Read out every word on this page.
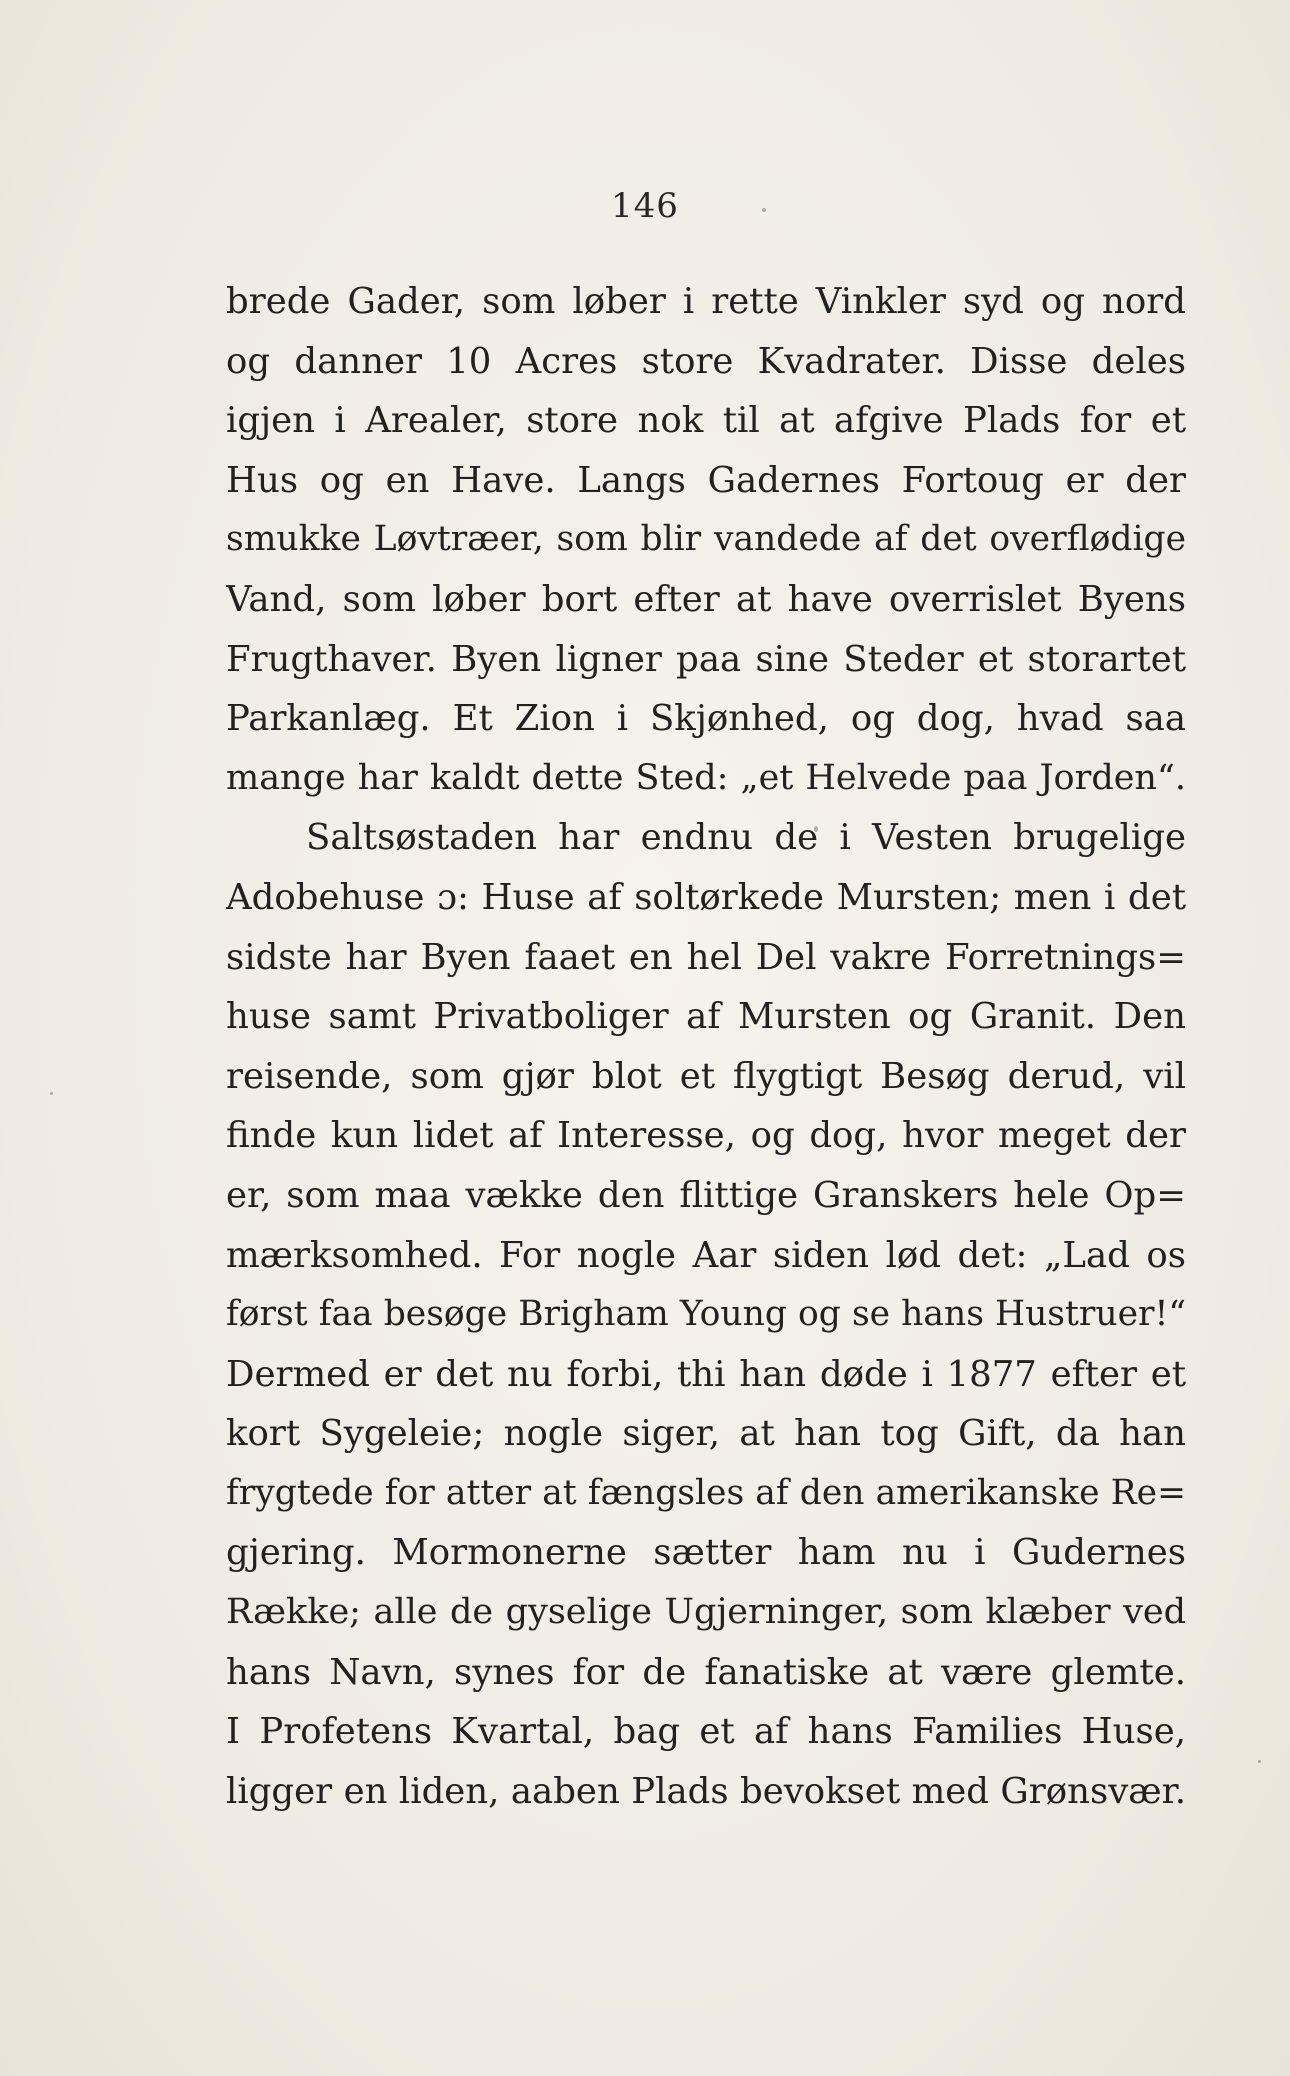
146
brede Gader, som løber i rette Vinkler syd og nord
og danner 10 Acres store Kvadrater. Disse deles
igjen i Arealer, store nok til at afgive Plads for et
Hus og en Have. Langs Gadernes Fortoug er der
smukke Løvtræer, som blir vandede af det overflødige
Vand, som løber bort efter at have overrislet Byens
Frugthaver. Byen ligner paa sine Steder et storartet
Parkanlæg. Et Zion i Skjønhed, og dog, hvad saa
mange har kaldt dette Sted: „et Helvede paa Jorden“.
Saltsøstaden har endnu de i Vesten brugelige
Adobehuse ɔ: Huse af soltørkede Mursten; men i det
sidste har Byen faaet en hel Del vakre Forretnings=
huse samt Privatboliger af Mursten og Granit. Den
reisende, som gjør blot et flygtigt Besøg derud, vil
finde kun lidet af Interesse, og dog, hvor meget der
er, som maa vække den flittige Granskers hele Op=
mærksomhed. For nogle Aar siden lød det: „Lad os
først faa besøge Brigham Young og se hans Hustruer!“
Dermed er det nu forbi, thi han døde i 1877 efter et
kort Sygeleie; nogle siger, at han tog Gift, da han
frygtede for atter at fængsles af den amerikanske Re=
gjering. Mormonerne sætter ham nu i Gudernes
Række; alle de gyselige Ugjerninger, som klæber ved
hans Navn, synes for de fanatiske at være glemte.
I Profetens Kvartal, bag et af hans Families Huse,
ligger en liden, aaben Plads bevokset med Grønsvær.
